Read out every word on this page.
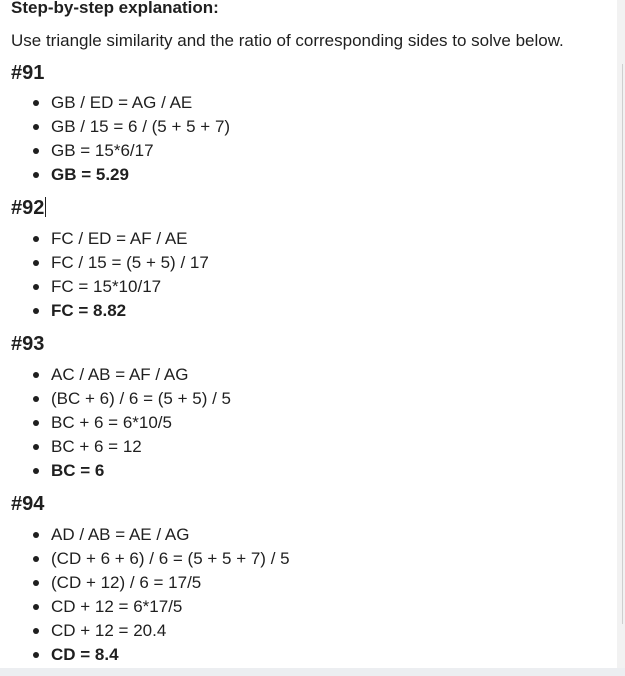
Step-by-step explanation:

Use triangle similarity and the ratio of corresponding sides to solve below.

#91
GB / ED = AG / AE
GB / 15 = 6 / (5 + 5 + 7)
GB = 15*6/17
GB = 5.29
#92
FC / ED = AF / AE
FC / 15 = (5 + 5) / 17
FC = 15*10/17
FC = 8.82
#93
AC / AB = AF / AG
(BC + 6) / 6 = (5 + 5) / 5
BC + 6 = 6*10/5
BC + 6 = 12
BC = 6
#94
AD / AB = AE / AG
(CD + 6 + 6) / 6 = (5 + 5 + 7) / 5
(CD + 12) / 6 = 17/5
CD + 12 = 6*17/5
CD + 12 = 20.4
CD = 8.4
